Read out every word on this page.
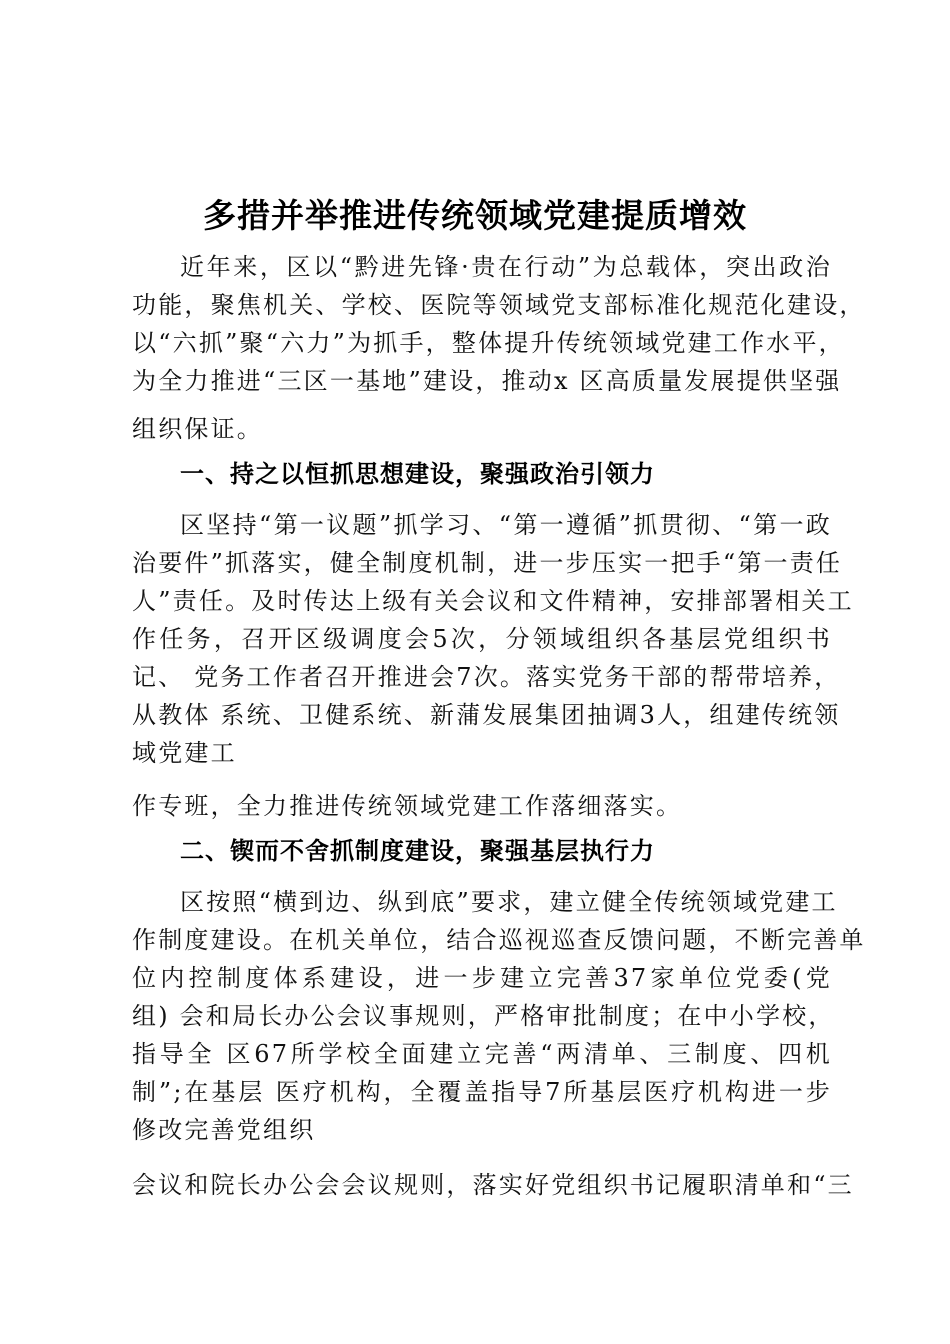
多措并举推进传统领域党建提质增效
近年来，区以“黔进先锋·贵在行动”为总载体，突出政治
功能，聚焦机关、学校、医院等领域党支部标准化规范化建设，
以“六抓”聚“六力”为抓手，整体提升传统领域党建工作水平，
为全力推进“三区一基地”建设，推动x 区高质量发展提供坚强
组织保证。
一、持之以恒抓思想建设，聚强政治引领力
区坚持“第一议题”抓学习、“第一遵循”抓贯彻、“第一政
治要件”抓落实，健全制度机制，进一步压实一把手“第一责任
人”责任。及时传达上级有关会议和文件精神，安排部署相关工
作任务，召开区级调度会5次，分领域组织各基层党组织书
记、 党务工作者召开推进会7次。落实党务干部的帮带培养，
从教体 系统、卫健系统、新蒲发展集团抽调3人，组建传统领
域党建工
作专班，全力推进传统领域党建工作落细落实。
二、锲而不舍抓制度建设，聚强基层执行力
区按照“横到边、纵到底”要求，建立健全传统领域党建工
作制度建设。在机关单位，结合巡视巡查反馈问题，不断完善单
位内控制度体系建设，进一步建立完善37家单位党委(党
组) 会和局长办公会议事规则，严格审批制度；在中小学校，
指导全 区67所学校全面建立完善“两清单、三制度、四机
制”;在基层 医疗机构，全覆盖指导7所基层医疗机构进一步
修改完善党组织
会议和院长办公会会议规则，落实好党组织书记履职清单和“三
